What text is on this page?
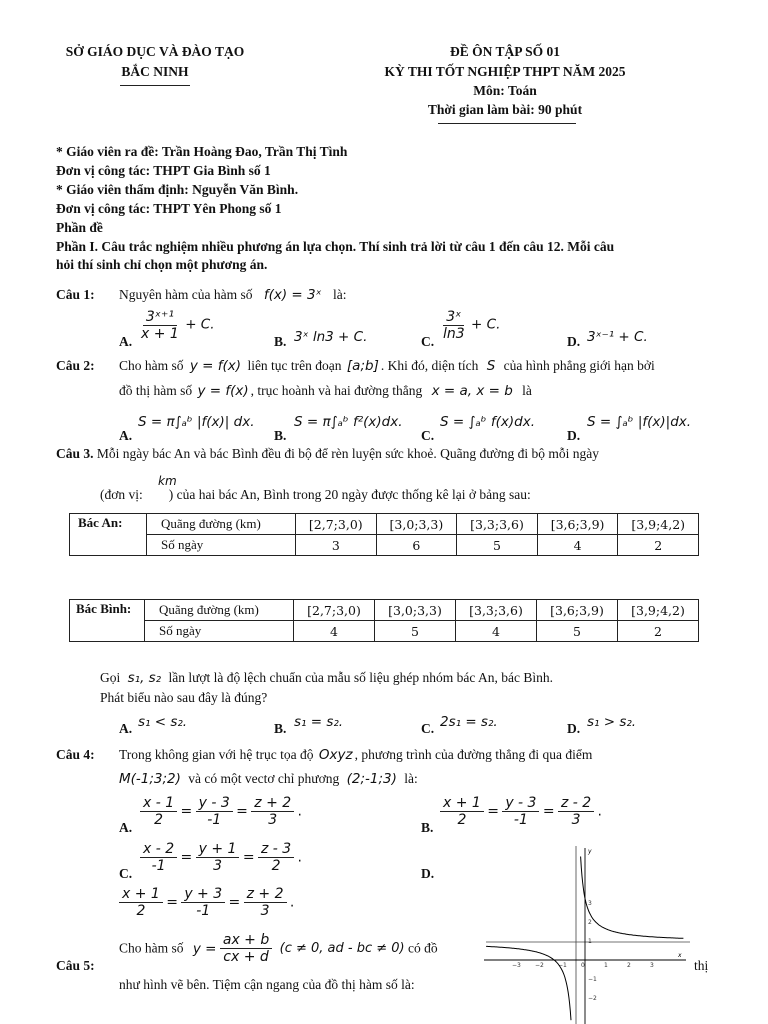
SỞ GIÁO DỤC VÀ ĐÀO TẠO
BẮC NINH
ĐỀ ÔN TẬP SỐ 01
KỲ THI TỐT NGHIỆP THPT NĂM 2025
Môn: Toán
Thời gian làm bài: 90 phút
* Giáo viên ra đề: Trần Hoàng Đao, Trần Thị Tình
Đơn vị công tác: THPT Gia Bình số 1
* Giáo viên thẩm định: Nguyễn Văn Bình.
Đơn vị công tác: THPT Yên Phong số 1
Phần đề
Phần I. Câu trắc nghiệm nhiều phương án lựa chọn. Thí sinh trả lời từ câu 1 đến câu 12. Mỗi câu
hỏi thí sinh chỉ chọn một phương án.
Câu 1: Nguyên hàm của hàm số f(x) = 3ˣ là:
A. $\frac{\text{3ˣ⁺¹}}{x + 1} + C$.
B. 3ˣ ln3 + C.	C. $\frac{\text{3ˣ}}{\ln 3} + C$.
D. 3ˣ⁻¹ + C.
Câu 2: Cho hàm số y = f(x) liên tục trên đoạn [a;b] . Khi đó, diện tích S của hình phẳng giới hạn bởi
đồ thị hàm số y = f(x) , trục hoành và hai đường thẳng x = a, x = b là
A.
S = π∫ₐᵇ |f(x)| dx.
B.
S = π∫ₐᵇ f²(x)dx.
C.
S = ∫ₐᵇ f(x)dx.
D.
S = ∫ₐᵇ |f(x)|dx.
Câu 3. Mỗi ngày bác An và bác Bình đều đi bộ để rèn luyện sức khoẻ. Quãng đường đi bộ mỗi ngày
km
(đơn vị: ) của hai bác An, Bình trong 20 ngày được thống kê lại ở bảng sau:
Bác An:	Quãng đường (km)	[2,7;3,0)	[3,0;3,3)	[3,3;3,6)	[3,6;3,9)	[3,9;4,2)
	Số ngày	3	6	5	4	2
Bác Bình:	Quãng đường (km)	[2,7;3,0)	[3,0;3,3)	[3,3;3,6)	[3,6;3,9)	[3,9;4,2)
	Số ngày	4	5	4	5	2
Gọi s₁, s₂ lần lượt là độ lệch chuẩn của mẫu số liệu ghép nhóm bác An, bác Bình.
Phát biểu nào sau đây là đúng?
A. s₁ < s₂.	B. s₁ = s₂.	C. 2s₁ = s₂.	D. s₁ > s₂.
Câu 4: Trong không gian với hệ trục tọa độ Oxyz , phương trình của đường thẳng đi qua điểm
M(-1;3;2) và có một vectơ chỉ phương (2;-1;3) là:
A. $\frac{x - 1}{2} = \frac{y - 3}{-1} = \frac{z + 2}{3}$ .
B. $\frac{x + 1}{2} = \frac{y - 3}{-1} = \frac{z - 2}{3}$ .
C. $\frac{x - 2}{-1} = \frac{y + 1}{3} = \frac{z - 3}{2}$ .
D.
$\frac{x + 1}{2} = \frac{y + 3}{-1} = \frac{z + 2}{3}$ .
Câu 5:
Cho hàm số $y = \frac{ax + b}{cx + d} (c \ne 0$, ad - bc ≠ 0) có đồ
thị
như hình vẽ bên. Tiệm cận ngang của đồ thị hàm số là:
−3 −2 −1 0	1	2	3
3
2
1
−1
−2
x
y
